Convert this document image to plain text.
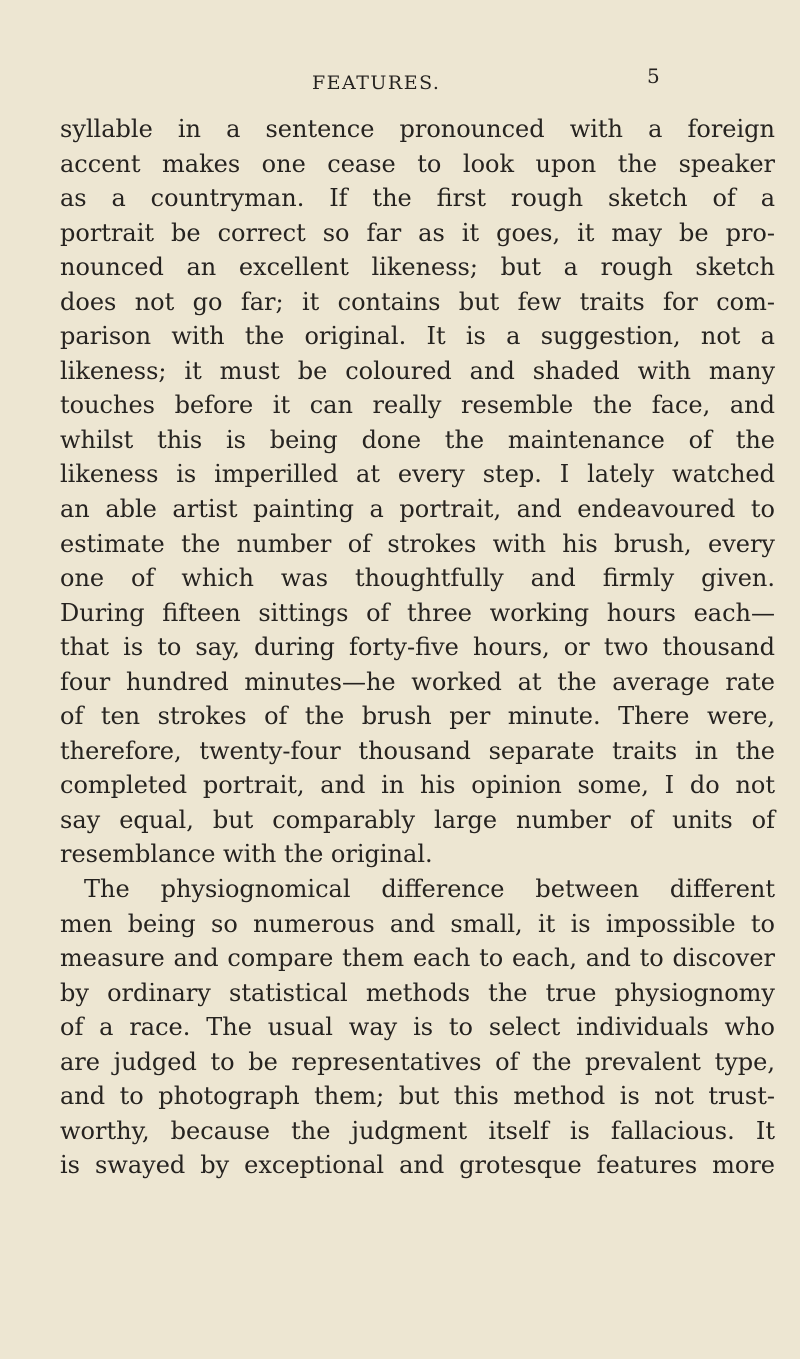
FEATURES.	5
syllable in a sentence pronounced with a foreign
accent makes one cease to look upon the speaker
as a countryman. If the first rough sketch of a
portrait be correct so far as it goes, it may be pro-
nounced an excellent likeness; but a rough sketch
does not go far; it contains but few traits for com-
parison with the original. It is a suggestion, not a
likeness; it must be coloured and shaded with many
touches before it can really resemble the face, and
whilst this is being done the maintenance of the
likeness is imperilled at every step. I lately watched
an able artist painting a portrait, and endeavoured to
estimate the number of strokes with his brush, every
one of which was thoughtfully and firmly given.
During fifteen sittings of three working hours each—
that is to say, during forty-five hours, or two thousand
four hundred minutes—he worked at the average rate
of ten strokes of the brush per minute. There were,
therefore, twenty-four thousand separate traits in the
completed portrait, and in his opinion some, I do not
say equal, but comparably large number of units of
resemblance with the original.
The physiognomical difference between different
men being so numerous and small, it is impossible to
measure and compare them each to each, and to discover
by ordinary statistical methods the true physiognomy
of a race. The usual way is to select individuals who
are judged to be representatives of the prevalent type,
and to photograph them; but this method is not trust-
worthy, because the judgment itself is fallacious. It
is swayed by exceptional and grotesque features more
